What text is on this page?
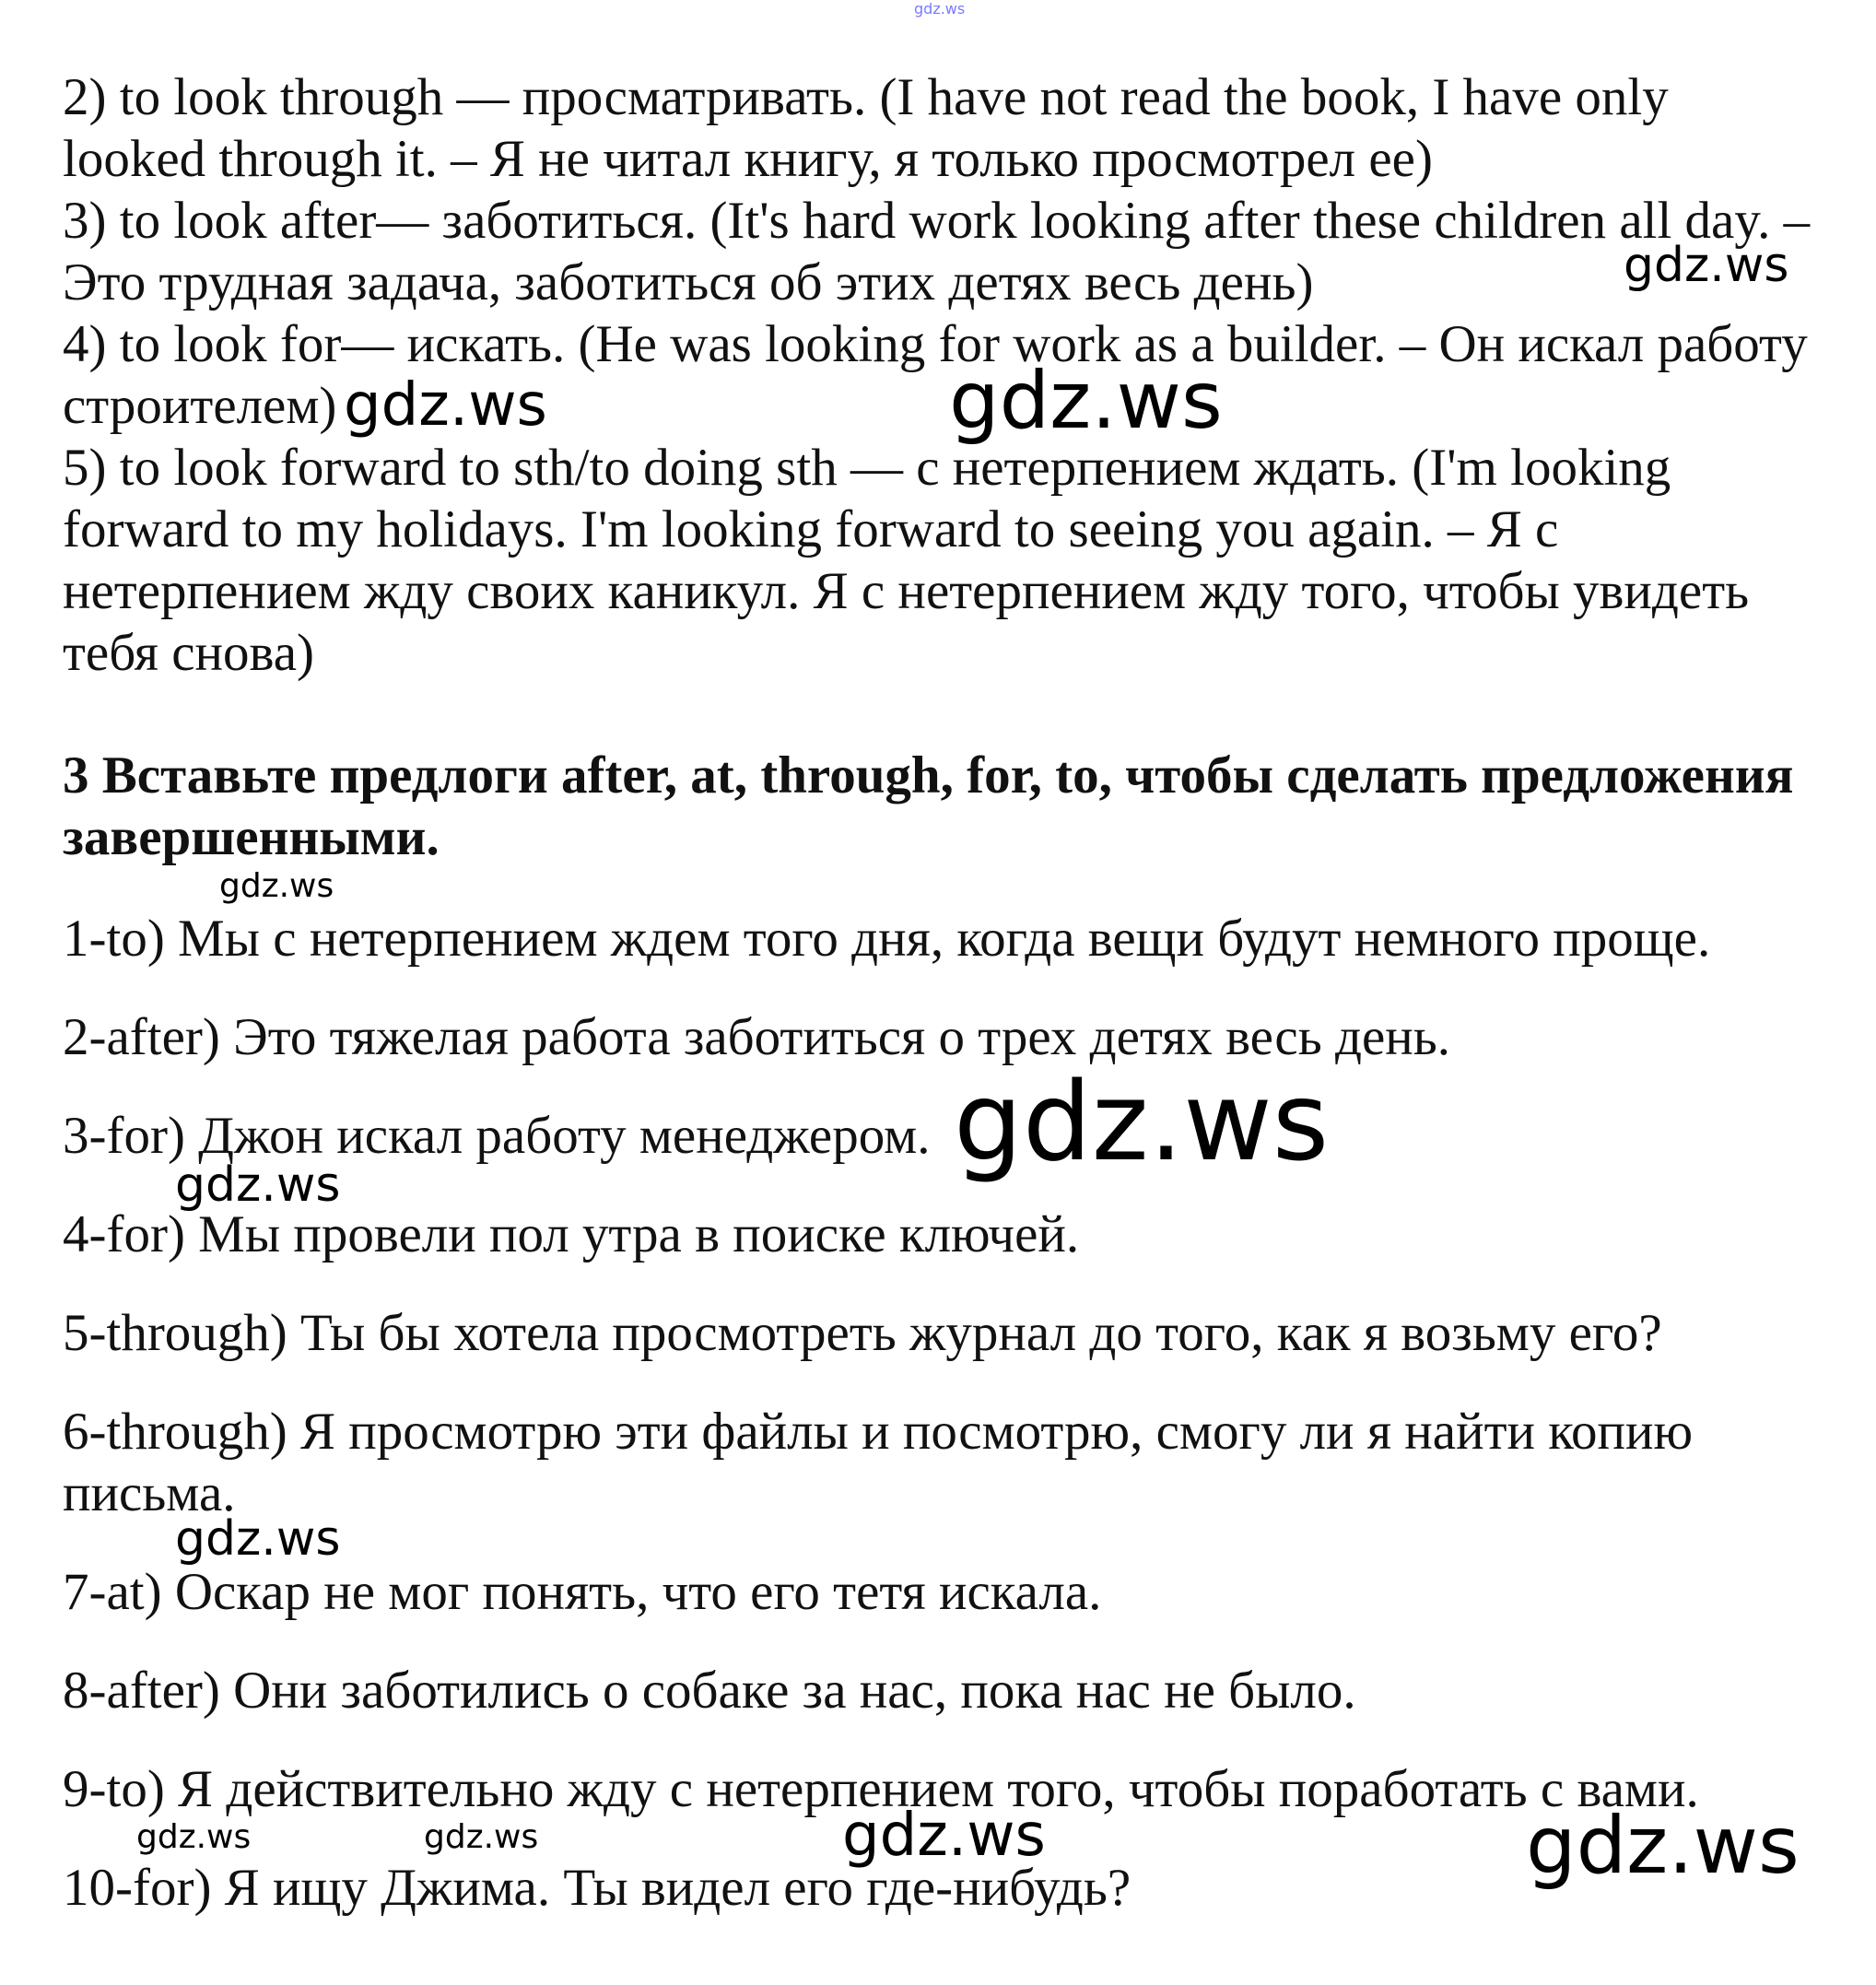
gdz.ws
2) to look through — просматривать. (I have not read the book, I have only
looked through it. – Я не читал книгу, я только просмотрел ее)
3) to look after— заботиться. (It's hard work looking after these children all day. –
Это трудная задача, заботиться об этих детях весь день)
4) to look for— искать. (He was looking for work as a builder. – Он искал работу
строителем)
5) to look forward to sth/to doing sth — с нетерпением ждать. (I'm looking
forward to my holidays. I'm looking forward to seeing you again. – Я с
нетерпением жду своих каникул. Я с нетерпением жду того, чтобы увидеть
тебя снова)
3 Вставьте предлоги after, at, through, for, to, чтобы сделать предложения
завершенными.
1-to) Мы с нетерпением ждем того дня, когда вещи будут немного проще.
2-after) Это тяжелая работа заботиться о трех детях весь день.
3-for) Джон искал работу менеджером.
4-for) Мы провели пол утра в поиске ключей.
5-through) Ты бы хотела просмотреть журнал до того, как я возьму его?
6-through) Я просмотрю эти файлы и посмотрю, смогу ли я найти копию
письма.
7-at) Оскар не мог понять, что его тетя искала.
8-after) Они заботились о собаке за нас, пока нас не было.
9-to) Я действительно жду с нетерпением того, чтобы поработать с вами.
10-for) Я ищу Джима. Ты видел его где-нибудь?
gdz.ws
gdz.ws	gdz.ws
gdz.ws
gdz.ws
gdz.ws
gdz.ws
gdz.ws	gdz.ws	gdz.ws	gdz.ws
